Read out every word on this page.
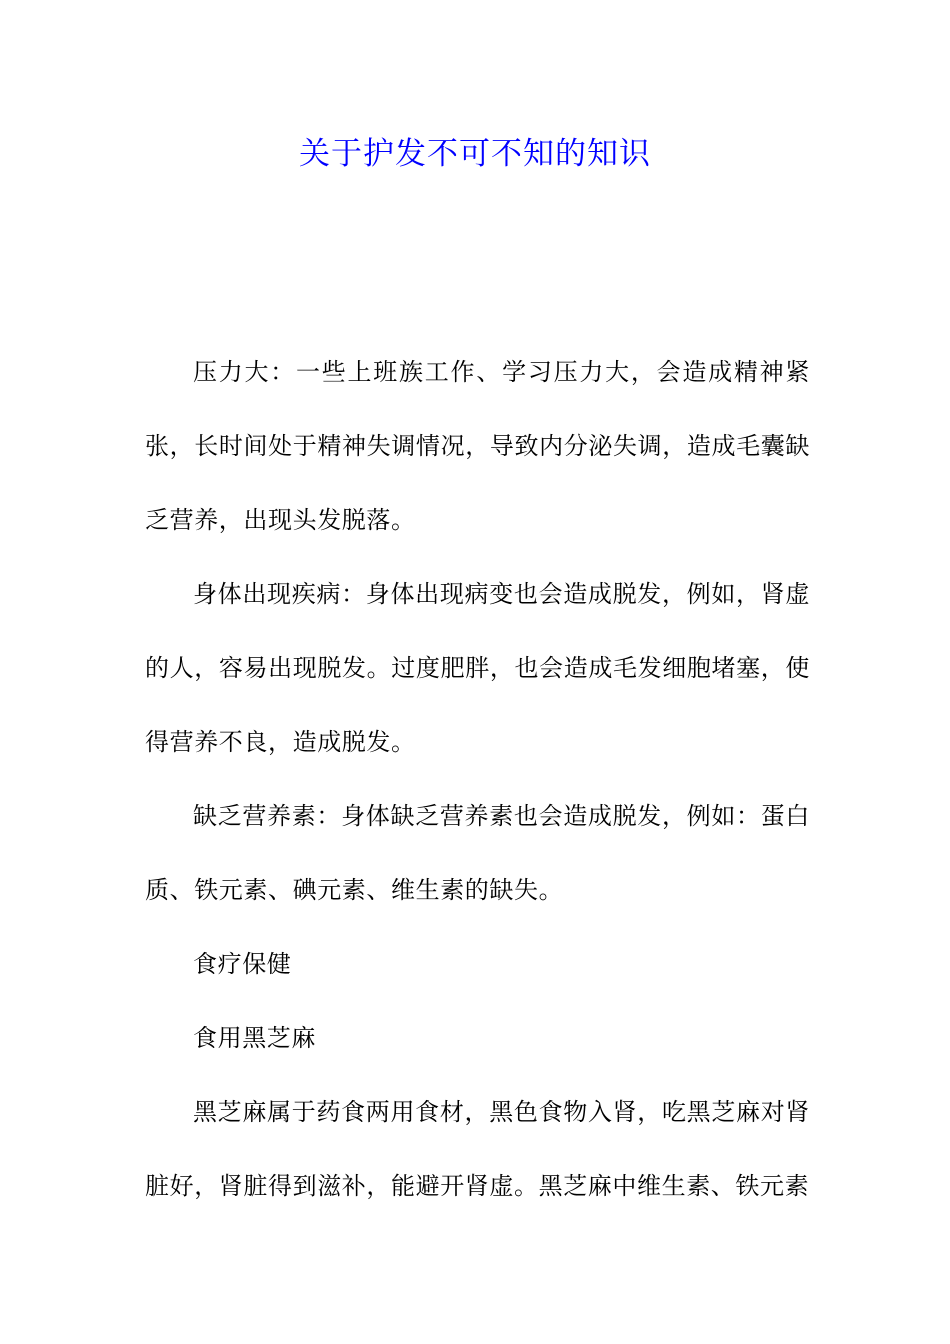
关于护发不可不知的知识

压力大：一些上班族工作、学习压力大，会造成精神紧张，长时间处于精神失调情况，导致内分泌失调，造成毛囊缺乏营养，出现头发脱落。

身体出现疾病：身体出现病变也会造成脱发，例如，肾虚的人，容易出现脱发。过度肥胖，也会造成毛发细胞堵塞，使得营养不良，造成脱发。

缺乏营养素：身体缺乏营养素也会造成脱发，例如：蛋白质、铁元素、碘元素、维生素的缺失。

食疗保健

食用黑芝麻

黑芝麻属于药食两用食材，黑色食物入肾，吃黑芝麻对肾脏好，肾脏得到滋补，能避开肾虚。黑芝麻中维生素、铁元素
